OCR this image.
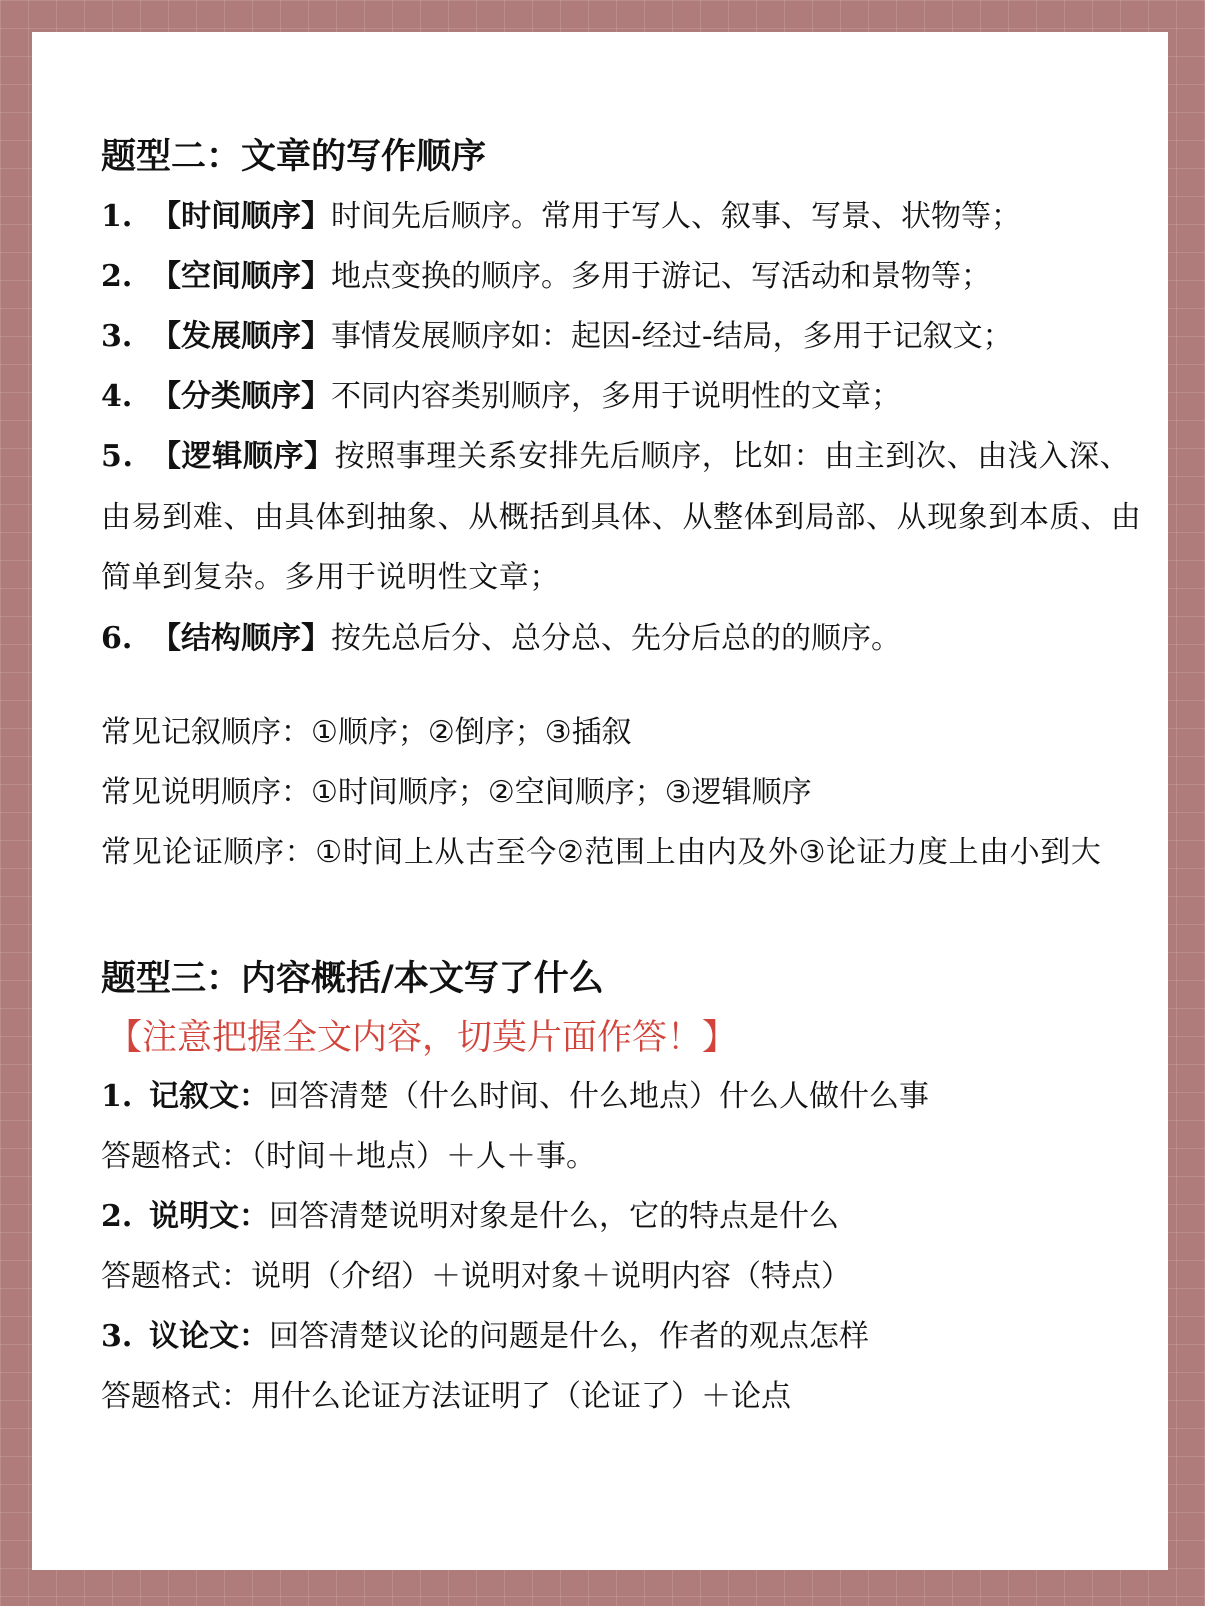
题型二：文章的写作顺序

1. 【时间顺序】时间先后顺序。常用于写人、叙事、写景、状物等；

2. 【空间顺序】地点变换的顺序。多用于游记、写活动和景物等；

3. 【发展顺序】事情发展顺序如：起因-经过-结局，多用于记叙文；

4. 【分类顺序】不同内容类别顺序，多用于说明性的文章；

5. 【逻辑顺序】按照事理关系安排先后顺序，比如：由主到次、由浅入深、由易到难、由具体到抽象、从概括到具体、从整体到局部、从现象到本质、由简单到复杂。多用于说明性文章；

6. 【结构顺序】按先总后分、总分总、先分后总的的顺序。

常见记叙顺序：①顺序；②倒序；③插叙

常见说明顺序：①时间顺序；②空间顺序；③逻辑顺序

常见论证顺序：①时间上从古至今②范围上由内及外③论证力度上由小到大

题型三：内容概括/本文写了什么

【注意把握全文内容，切莫片面作答！】

1. 记叙文：回答清楚（什么时间、什么地点）什么人做什么事

答题格式：（时间＋地点）＋人＋事。

2. 说明文：回答清楚说明对象是什么，它的特点是什么

答题格式：说明（介绍）＋说明对象＋说明内容（特点）

3. 议论文：回答清楚议论的问题是什么，作者的观点怎样

答题格式：用什么论证方法证明了（论证了）＋论点
